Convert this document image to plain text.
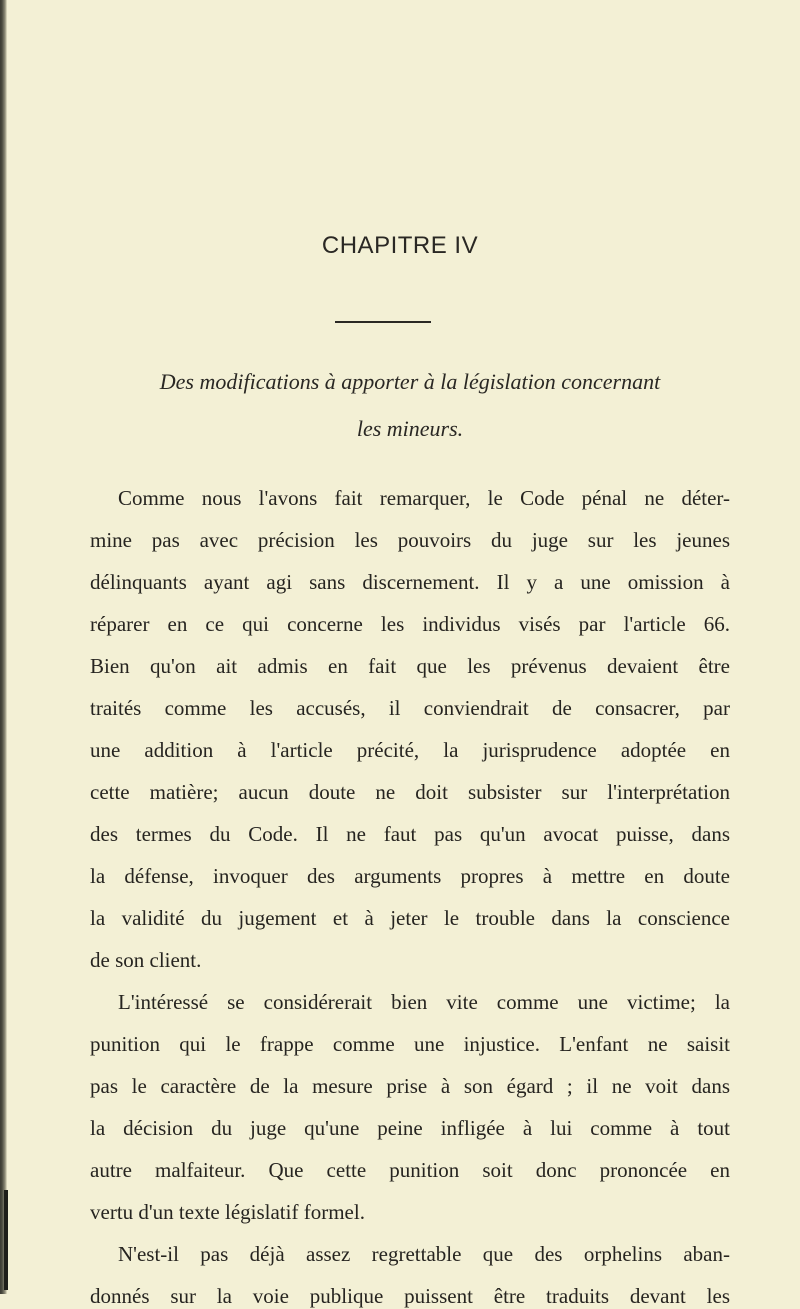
CHAPITRE IV
Des modifications à apporter à la législation concernant
les mineurs.
Comme nous l'avons fait remarquer, le Code pénal ne déter-
mine pas avec précision les pouvoirs du juge sur les jeunes
délinquants ayant agi sans discernement. Il y a une omission à
réparer en ce qui concerne les individus visés par l'article 66.
Bien qu'on ait admis en fait que les prévenus devaient être
traités comme les accusés, il conviendrait de consacrer, par
une addition à l'article précité, la jurisprudence adoptée en
cette matière; aucun doute ne doit subsister sur l'interprétation
des termes du Code. Il ne faut pas qu'un avocat puisse, dans
la défense, invoquer des arguments propres à mettre en doute
la validité du jugement et à jeter le trouble dans la conscience
de son client.
L'intéressé se considérerait bien vite comme une victime; la
punition qui le frappe comme une injustice. L'enfant ne saisit
pas le caractère de la mesure prise à son égard ; il ne voit dans
la décision du juge qu'une peine infligée à lui comme à tout
autre malfaiteur. Que cette punition soit donc prononcée en
vertu d'un texte législatif formel.
N'est-il pas déjà assez regrettable que des orphelins aban-
donnés sur la voie publique puissent être traduits devant les
